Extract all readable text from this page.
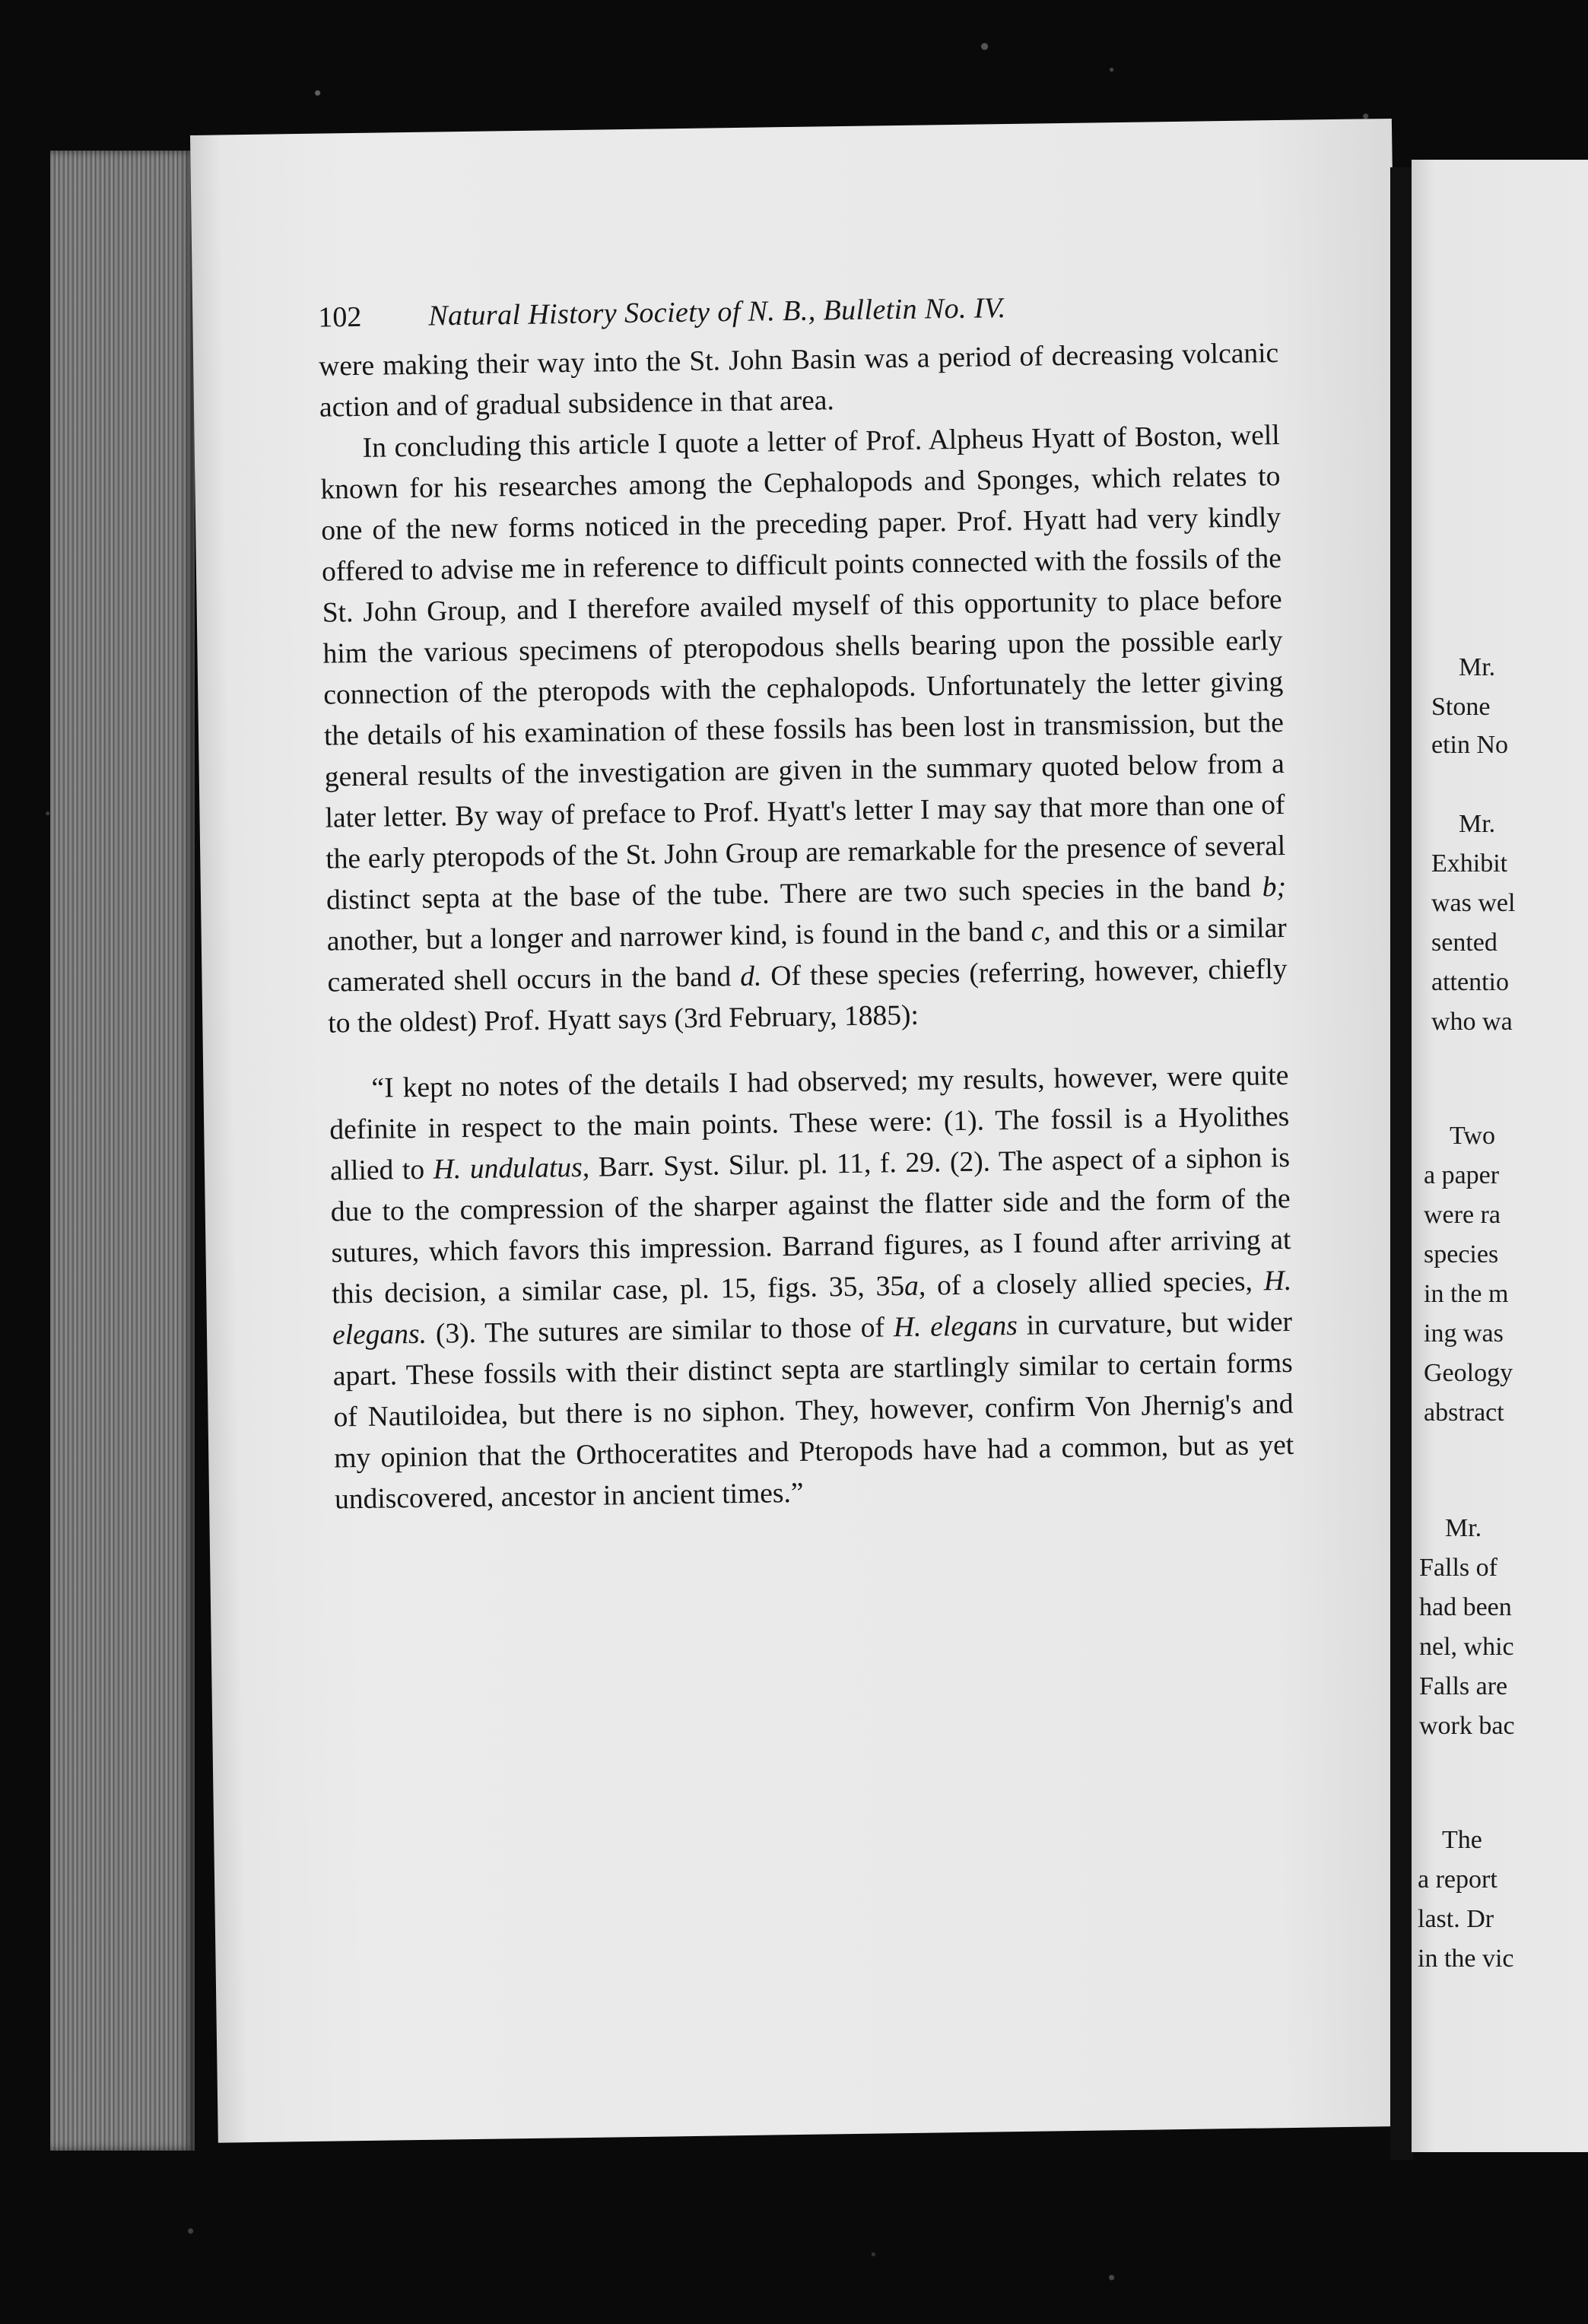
102 Natural History Society of N. B., Bulletin No. IV.

were making their way into the St. John Basin was a period of decreasing volcanic action and of gradual subsidence in that area.

In concluding this article I quote a letter of Prof. Alpheus Hyatt of Boston, well known for his researches among the Cephalopods and Sponges, which relates to one of the new forms noticed in the preceding paper. Prof. Hyatt had very kindly offered to advise me in reference to difficult points connected with the fossils of the St. John Group, and I therefore availed myself of this opportunity to place before him the various specimens of pteropodous shells bearing upon the possible early connection of the pteropods with the cephalopods. Unfortunately the letter giving the details of his examination of these fossils has been lost in transmission, but the general results of the investigation are given in the summary quoted below from a later letter. By way of preface to Prof. Hyatt's letter I may say that more than one of the early pteropods of the St. John Group are remarkable for the presence of several distinct septa at the base of the tube. There are two such species in the band b; another, but a longer and narrower kind, is found in the band c, and this or a similar camerated shell occurs in the band d. Of these species (referring, however, chiefly to the oldest) Prof. Hyatt says (3rd February, 1885):

“I kept no notes of the details I had observed; my results, however, were quite definite in respect to the main points. These were: (1). The fossil is a Hyolithes allied to H. undulatus, Barr. Syst. Silur. pl. 11, f. 29. (2). The aspect of a siphon is due to the compression of the sharper against the flatter side and the form of the sutures, which favors this impression. Barrand figures, as I found after arriving at this decision, a similar case, pl. 15, figs. 35, 35a, of a closely allied species, H. elegans. (3). The sutures are similar to those of H. elegans in curvature, but wider apart. These fossils with their distinct septa are startlingly similar to certain forms of Nautiloidea, but there is no siphon. They, however, confirm Von Jhernig's and my opinion that the Orthoceratites and Pteropods have had a common, but as yet undiscovered, ancestor in ancient times.”

Mr.
Stone
etin No
Mr.
Exhibit
was wel
sented
attentio
who wa
Two
a paper
were ra
species
in the m
ing was
Geology
abstract
Mr.
Falls of
had been
nel, whic
Falls are
work bac
The
a report
last. Dr
in the vic
